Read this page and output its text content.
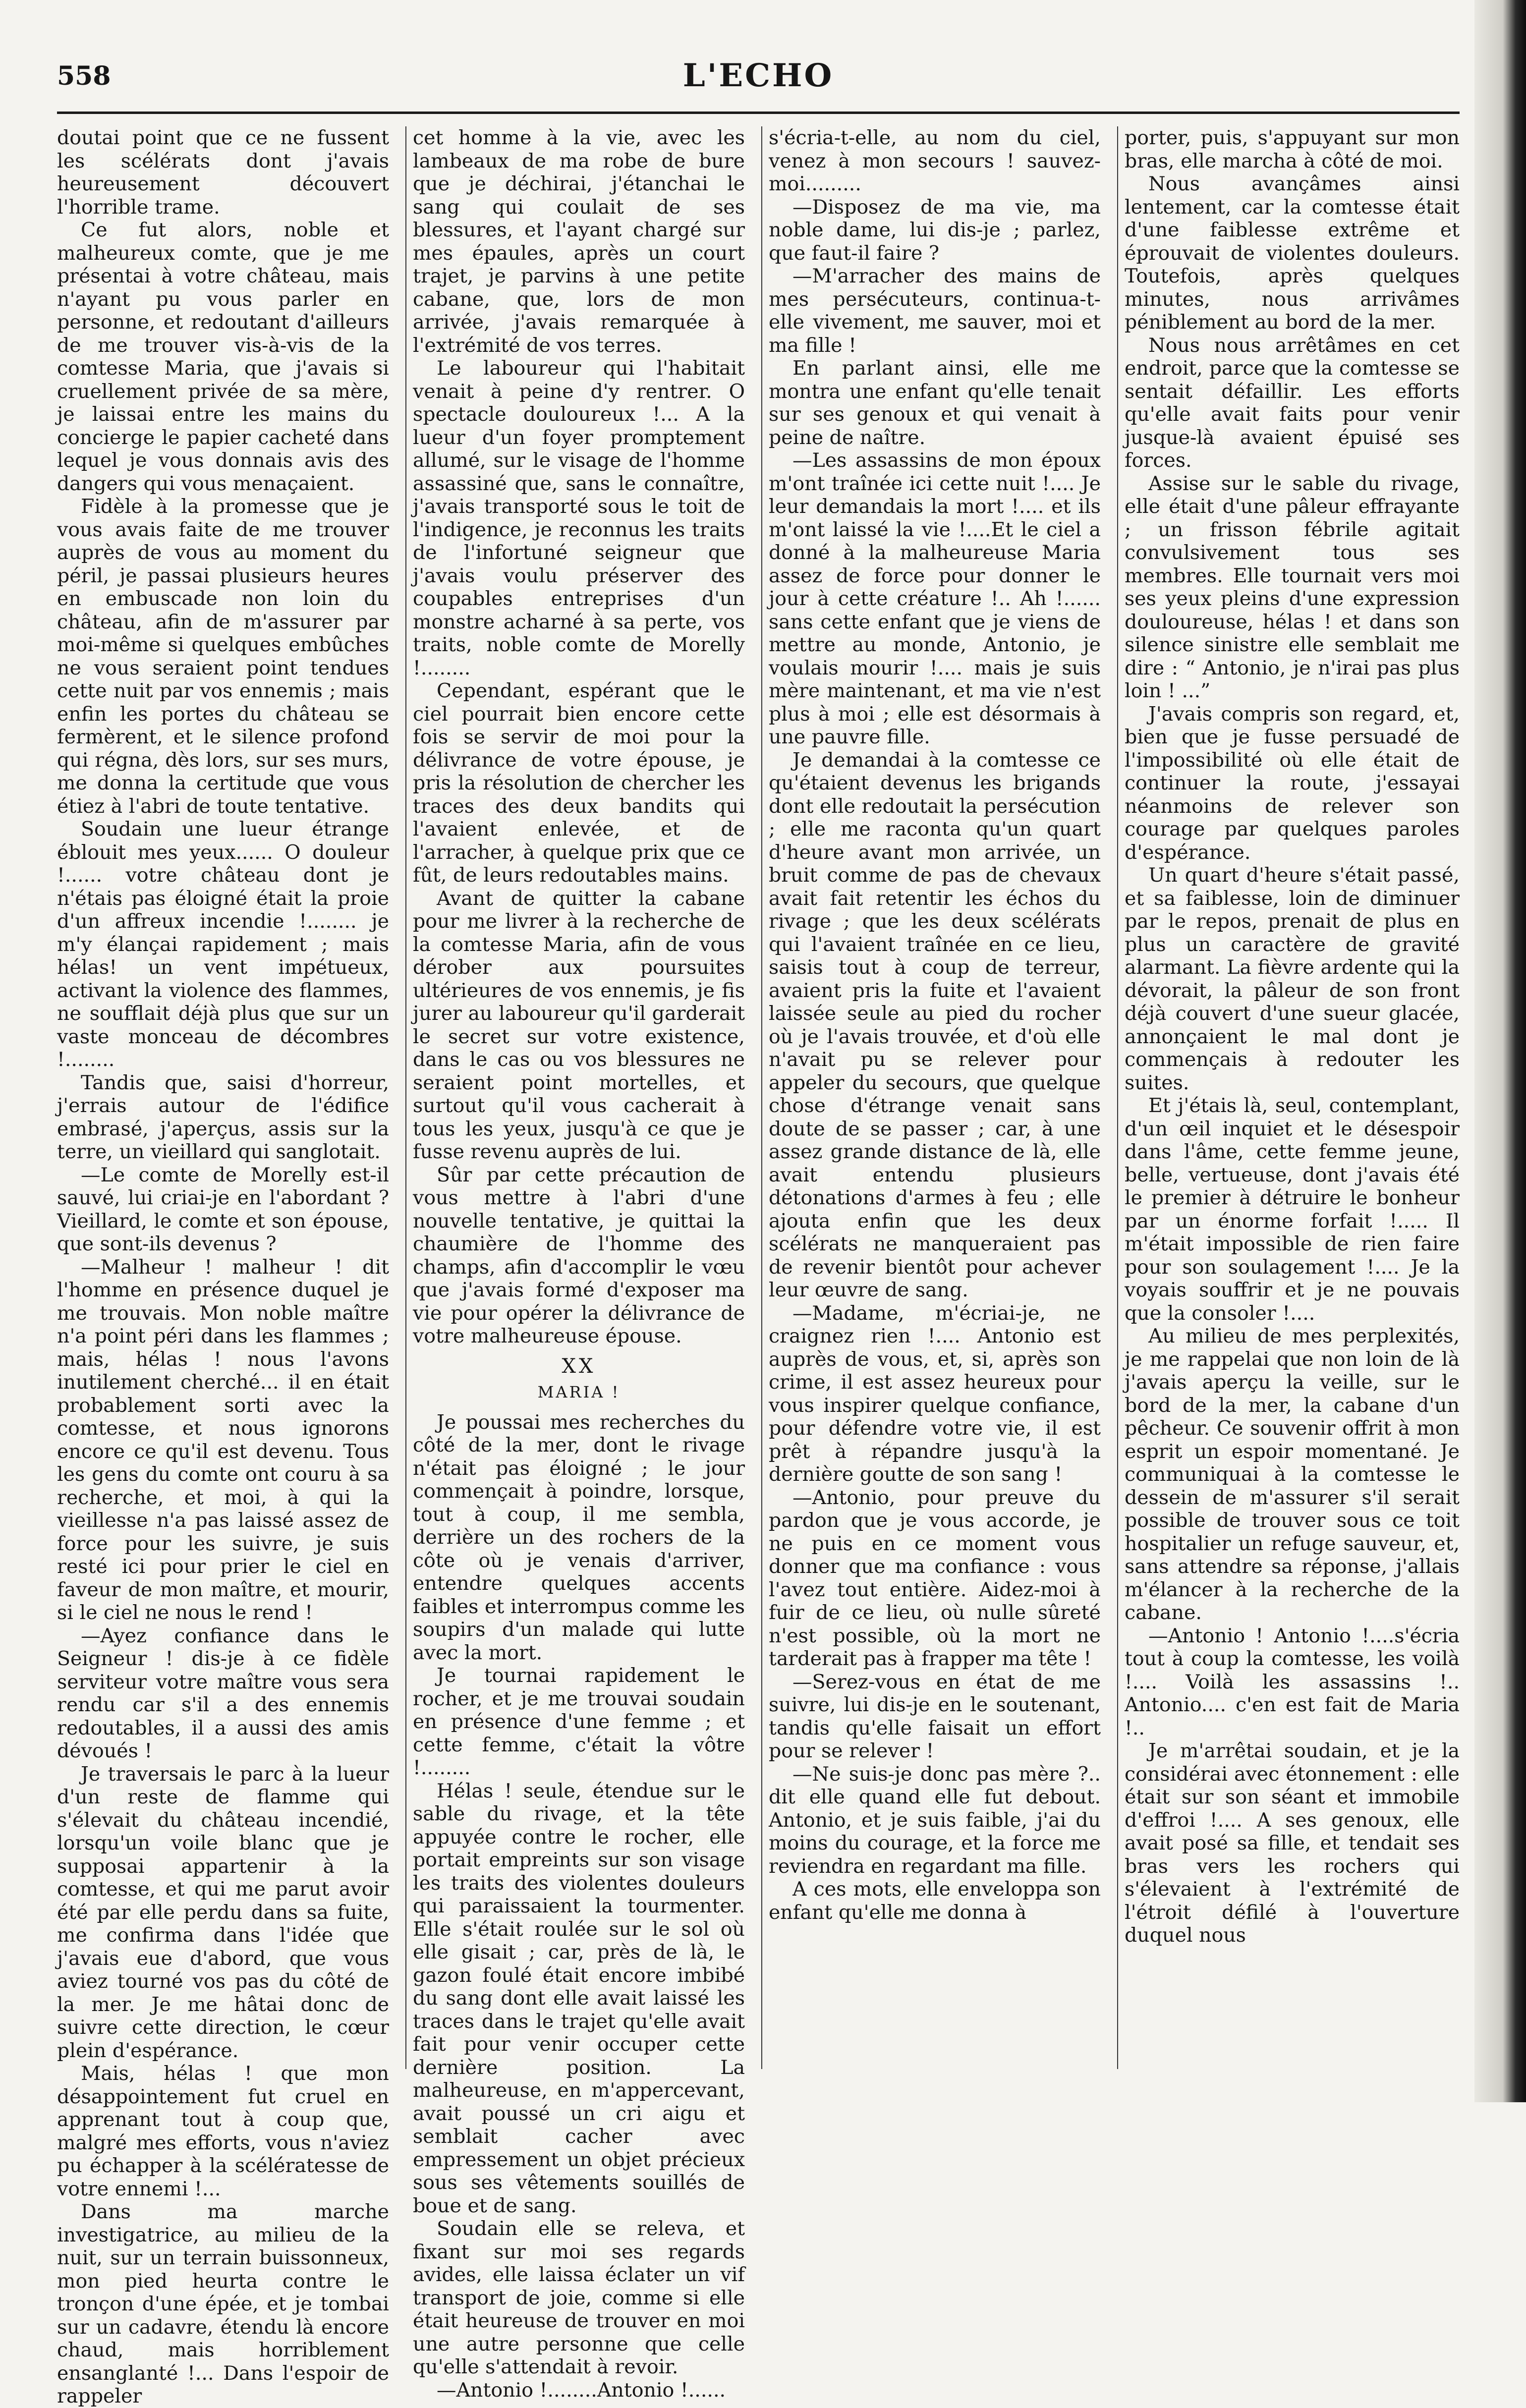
558	L'ECHO

doutai point que ce ne fussent les scélérats dont j'avais heureusement découvert l'horrible trame.

Ce fut alors, noble et malheureux comte, que je me présentai à votre château, mais n'ayant pu vous parler en personne, et redoutant d'ailleurs de me trouver vis-à-vis de la comtesse Maria, que j'avais si cruellement privée de sa mère, je laissai entre les mains du concierge le papier cacheté dans lequel je vous donnais avis des dangers qui vous menaçaient.

Fidèle à la promesse que je vous avais faite de me trouver auprès de vous au moment du péril, je passai plusieurs heures en embuscade non loin du château, afin de m'assurer par moi-même si quelques embûches ne vous seraient point tendues cette nuit par vos ennemis ; mais enfin les portes du château se fermèrent, et le silence profond qui régna, dès lors, sur ses murs, me donna la certitude que vous étiez à l'abri de toute tentative.

Soudain une lueur étrange éblouit mes yeux...... O douleur !...... votre château dont je n'étais pas éloigné était la proie d'un affreux incendie !........ je m'y élançai rapidement ; mais hélas! un vent impétueux, activant la violence des flammes, ne soufflait déjà plus que sur un vaste monceau de décombres !........

Tandis que, saisi d'horreur, j'errais autour de l'édifice embrasé, j'aperçus, assis sur la terre, un vieillard qui sanglotait.

—Le comte de Morelly est-il sauvé, lui criai-je en l'abordant ? Vieillard, le comte et son épouse, que sont-ils devenus ?

—Malheur ! malheur ! dit l'homme en présence duquel je me trouvais. Mon noble maître n'a point péri dans les flammes ; mais, hélas ! nous l'avons inutilement cherché... il en était probablement sorti avec la comtesse, et nous ignorons encore ce qu'il est devenu. Tous les gens du comte ont couru à sa recherche, et moi, à qui la vieillesse n'a pas laissé assez de force pour les suivre, je suis resté ici pour prier le ciel en faveur de mon maître, et mourir, si le ciel ne nous le rend !

—Ayez confiance dans le Seigneur ! dis-je à ce fidèle serviteur votre maître vous sera rendu car s'il a des ennemis redoutables, il a aussi des amis dévoués !

Je traversais le parc à la lueur d'un reste de flamme qui s'élevait du château incendié, lorsqu'un voile blanc que je supposai appartenir à la comtesse, et qui me parut avoir été par elle perdu dans sa fuite, me confirma dans l'idée que j'avais eue d'abord, que vous aviez tourné vos pas du côté de la mer. Je me hâtai donc de suivre cette direction, le cœur plein d'espérance.

Mais, hélas ! que mon désappointement fut cruel en apprenant tout à coup que, malgré mes efforts, vous n'aviez pu échapper à la scélératesse de votre ennemi !...

Dans ma marche investigatrice, au milieu de la nuit, sur un terrain buissonneux, mon pied heurta contre le tronçon d'une épée, et je tombai sur un cadavre, étendu là encore chaud, mais horriblement ensanglanté !... Dans l'espoir de rappeler

cet homme à la vie, avec les lambeaux de ma robe de bure que je déchirai, j'étanchai le sang qui coulait de ses blessures, et l'ayant chargé sur mes épaules, après un court trajet, je parvins à une petite cabane, que, lors de mon arrivée, j'avais remarquée à l'extrémité de vos terres.

Le laboureur qui l'habitait venait à peine d'y rentrer. O spectacle douloureux !... A la lueur d'un foyer promptement allumé, sur le visage de l'homme assassiné que, sans le connaître, j'avais transporté sous le toit de l'indigence, je reconnus les traits de l'infortuné seigneur que j'avais voulu préserver des coupables entreprises d'un monstre acharné à sa perte, vos traits, noble comte de Morelly !........

Cependant, espérant que le ciel pourrait bien encore cette fois se servir de moi pour la délivrance de votre épouse, je pris la résolution de chercher les traces des deux bandits qui l'avaient enlevée, et de l'arracher, à quelque prix que ce fût, de leurs redoutables mains.

Avant de quitter la cabane pour me livrer à la recherche de la comtesse Maria, afin de vous dérober aux poursuites ultérieures de vos ennemis, je fis jurer au laboureur qu'il garderait le secret sur votre existence, dans le cas ou vos blessures ne seraient point mortelles, et surtout qu'il vous cacherait à tous les yeux, jusqu'à ce que je fusse revenu auprès de lui.

Sûr par cette précaution de vous mettre à l'abri d'une nouvelle tentative, je quittai la chaumière de l'homme des champs, afin d'accomplir le vœu que j'avais formé d'exposer ma vie pour opérer la délivrance de votre malheureuse épouse.

XX
MARIA !

Je poussai mes recherches du côté de la mer, dont le rivage n'était pas éloigné ; le jour commençait à poindre, lorsque, tout à coup, il me sembla, derrière un des rochers de la côte où je venais d'arriver, entendre quelques accents faibles et interrompus comme les soupirs d'un malade qui lutte avec la mort.

Je tournai rapidement le rocher, et je me trouvai soudain en présence d'une femme ; et cette femme, c'était la vôtre !........

Hélas ! seule, étendue sur le sable du rivage, et la tête appuyée contre le rocher, elle portait empreints sur son visage les traits des violentes douleurs qui paraissaient la tourmenter. Elle s'était roulée sur le sol où elle gisait ; car, près de là, le gazon foulé était encore imbibé du sang dont elle avait laissé les traces dans le trajet qu'elle avait fait pour venir occuper cette dernière position. La malheureuse, en m'appercevant, avait poussé un cri aigu et semblait cacher avec empressement un objet précieux sous ses vêtements souillés de boue et de sang.

Soudain elle se releva, et fixant sur moi ses regards avides, elle laissa éclater un vif transport de joie, comme si elle était heureuse de trouver en moi une autre personne que celle qu'elle s'attendait à revoir.

—Antonio !........Antonio !......

s'écria-t-elle, au nom du ciel, venez à mon secours ! sauvez-moi.........

—Disposez de ma vie, ma noble dame, lui dis-je ; parlez, que faut-il faire ?

—M'arracher des mains de mes persécuteurs, continua-t-elle vivement, me sauver, moi et ma fille !

En parlant ainsi, elle me montra une enfant qu'elle tenait sur ses genoux et qui venait à peine de naître.

—Les assassins de mon époux m'ont traînée ici cette nuit !.... Je leur demandais la mort !.... et ils m'ont laissé la vie !....Et le ciel a donné à la malheureuse Maria assez de force pour donner le jour à cette créature !.. Ah !...... sans cette enfant que je viens de mettre au monde, Antonio, je voulais mourir !.... mais je suis mère maintenant, et ma vie n'est plus à moi ; elle est désormais à une pauvre fille.

Je demandai à la comtesse ce qu'étaient devenus les brigands dont elle redoutait la persécution ; elle me raconta qu'un quart d'heure avant mon arrivée, un bruit comme de pas de chevaux avait fait retentir les échos du rivage ; que les deux scélérats qui l'avaient traînée en ce lieu, saisis tout à coup de terreur, avaient pris la fuite et l'avaient laissée seule au pied du rocher où je l'avais trouvée, et d'où elle n'avait pu se relever pour appeler du secours, que quelque chose d'étrange venait sans doute de se passer ; car, à une assez grande distance de là, elle avait entendu plusieurs détonations d'armes à feu ; elle ajouta enfin que les deux scélérats ne manqueraient pas de revenir bientôt pour achever leur œuvre de sang.

—Madame, m'écriai-je, ne craignez rien !.... Antonio est auprès de vous, et, si, après son crime, il est assez heureux pour vous inspirer quelque confiance, pour défendre votre vie, il est prêt à répandre jusqu'à la dernière goutte de son sang !

—Antonio, pour preuve du pardon que je vous accorde, je ne puis en ce moment vous donner que ma confiance : vous l'avez tout entière. Aidez-moi à fuir de ce lieu, où nulle sûreté n'est possible, où la mort ne tarderait pas à frapper ma tête !

—Serez-vous en état de me suivre, lui dis-je en le soutenant, tandis qu'elle faisait un effort pour se relever !

—Ne suis-je donc pas mère ?.. dit elle quand elle fut debout. Antonio, et je suis faible, j'ai du moins du courage, et la force me reviendra en regardant ma fille.

A ces mots, elle enveloppa son enfant qu'elle me donna à

porter, puis, s'appuyant sur mon bras, elle marcha à côté de moi.

Nous avançâmes ainsi lentement, car la comtesse était d'une faiblesse extrême et éprouvait de violentes douleurs. Toutefois, après quelques minutes, nous arrivâmes péniblement au bord de la mer.

Nous nous arrêtâmes en cet endroit, parce que la comtesse se sentait défaillir. Les efforts qu'elle avait faits pour venir jusque-là avaient épuisé ses forces.

Assise sur le sable du rivage, elle était d'une pâleur effrayante ; un frisson fébrile agitait convulsivement tous ses membres. Elle tournait vers moi ses yeux pleins d'une expression douloureuse, hélas ! et dans son silence sinistre elle semblait me dire : “ Antonio, je n'irai pas plus loin ! ...”

J'avais compris son regard, et, bien que je fusse persuadé de l'impossibilité où elle était de continuer la route, j'essayai néanmoins de relever son courage par quelques paroles d'espérance.

Un quart d'heure s'était passé, et sa faiblesse, loin de diminuer par le repos, prenait de plus en plus un caractère de gravité alarmant. La fièvre ardente qui la dévorait, la pâleur de son front déjà couvert d'une sueur glacée, annonçaient le mal dont je commençais à redouter les suites.

Et j'étais là, seul, contemplant, d'un œil inquiet et le désespoir dans l'âme, cette femme jeune, belle, vertueuse, dont j'avais été le premier à détruire le bonheur par un énorme forfait !..... Il m'était impossible de rien faire pour son soulagement !.... Je la voyais souffrir et je ne pouvais que la consoler !....

Au milieu de mes perplexités, je me rappelai que non loin de là j'avais aperçu la veille, sur le bord de la mer, la cabane d'un pêcheur. Ce souvenir offrit à mon esprit un espoir momentané. Je communiquai à la comtesse le dessein de m'assurer s'il serait possible de trouver sous ce toit hospitalier un refuge sauveur, et, sans attendre sa réponse, j'allais m'élancer à la recherche de la cabane.

—Antonio ! Antonio !....s'écria tout à coup la comtesse, les voilà !.... Voilà les assassins !.. Antonio.... c'en est fait de Maria !..

Je m'arrêtai soudain, et je la considérai avec étonnement : elle était sur son séant et immobile d'effroi !.... A ses genoux, elle avait posé sa fille, et tendait ses bras vers les rochers qui s'élevaient à l'extrémité de l'étroit défilé à l'ouverture duquel nous
